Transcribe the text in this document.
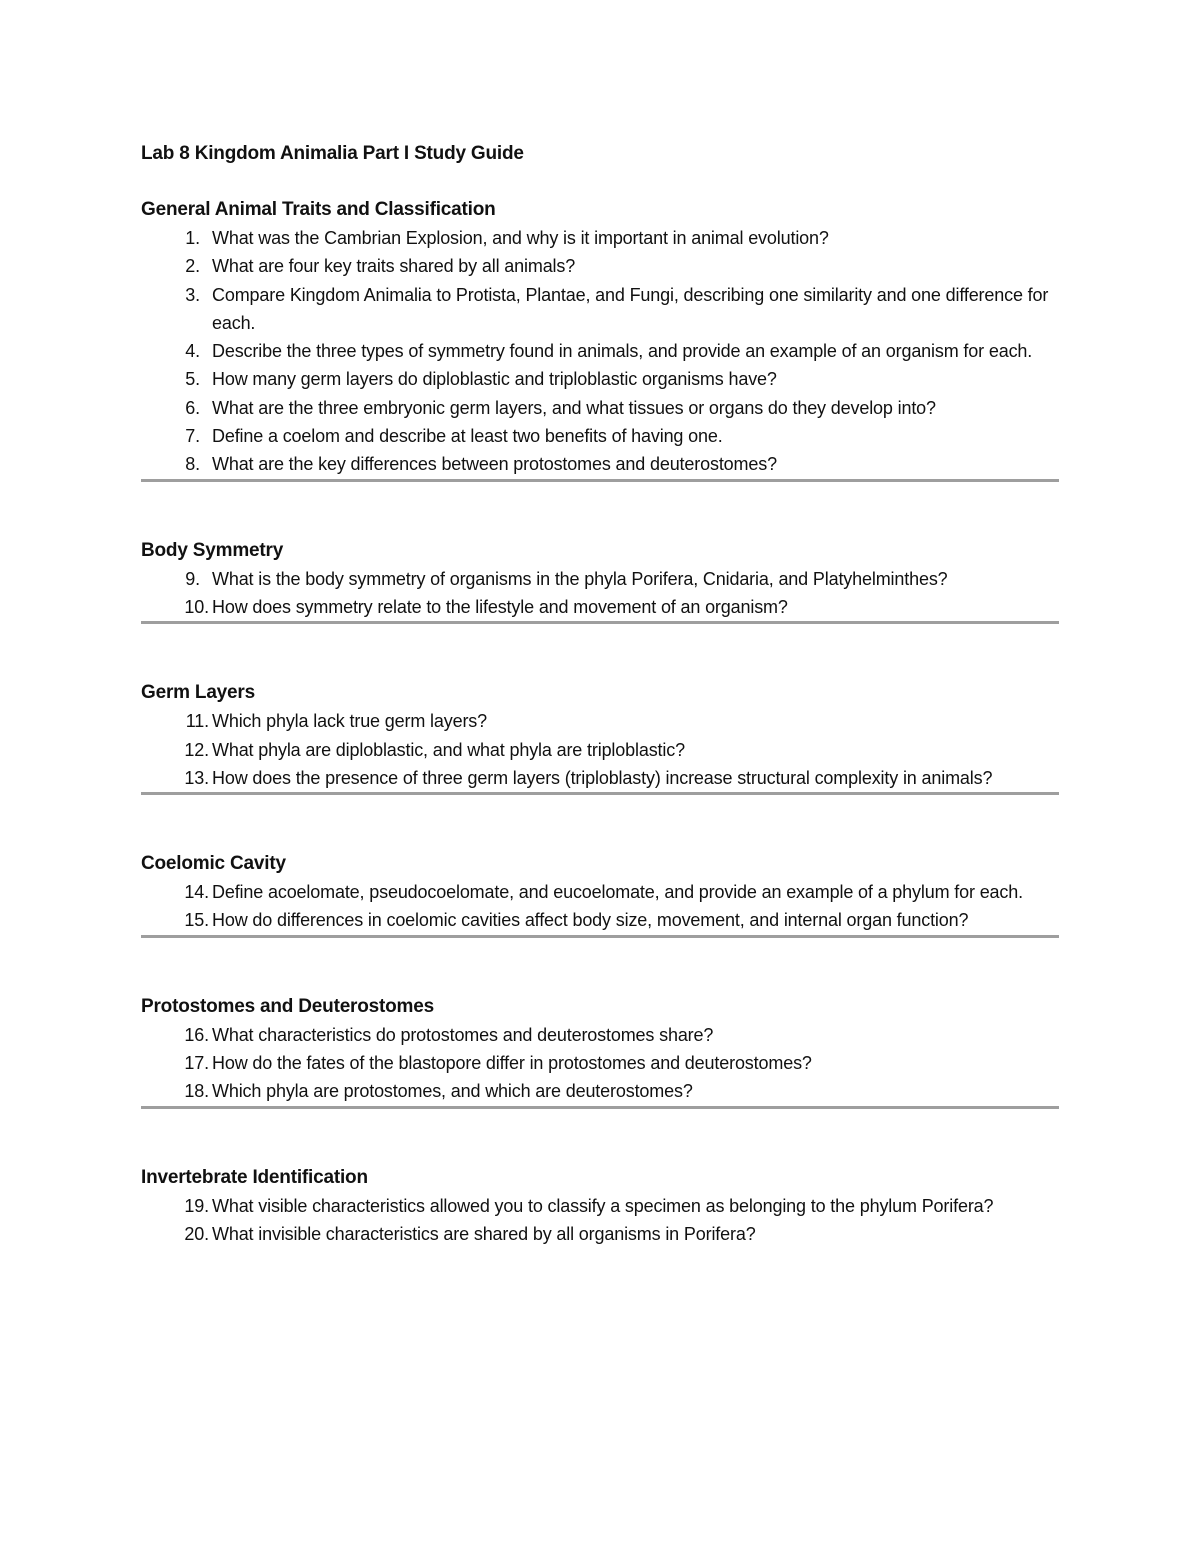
Lab 8 Kingdom Animalia Part I Study Guide
General Animal Traits and Classification
1. What was the Cambrian Explosion, and why is it important in animal evolution?
2. What are four key traits shared by all animals?
3. Compare Kingdom Animalia to Protista, Plantae, and Fungi, describing one similarity and one difference for each.
4. Describe the three types of symmetry found in animals, and provide an example of an organism for each.
5. How many germ layers do diploblastic and triploblastic organisms have?
6. What are the three embryonic germ layers, and what tissues or organs do they develop into?
7. Define a coelom and describe at least two benefits of having one.
8. What are the key differences between protostomes and deuterostomes?
Body Symmetry
9. What is the body symmetry of organisms in the phyla Porifera, Cnidaria, and Platyhelminthes?
10. How does symmetry relate to the lifestyle and movement of an organism?
Germ Layers
11. Which phyla lack true germ layers?
12. What phyla are diploblastic, and what phyla are triploblastic?
13. How does the presence of three germ layers (triploblasty) increase structural complexity in animals?
Coelomic Cavity
14. Define acoelomate, pseudocoelomate, and eucoelomate, and provide an example of a phylum for each.
15. How do differences in coelomic cavities affect body size, movement, and internal organ function?
Protostomes and Deuterostomes
16. What characteristics do protostomes and deuterostomes share?
17. How do the fates of the blastopore differ in protostomes and deuterostomes?
18. Which phyla are protostomes, and which are deuterostomes?
Invertebrate Identification
19. What visible characteristics allowed you to classify a specimen as belonging to the phylum Porifera?
20. What invisible characteristics are shared by all organisms in Porifera?
